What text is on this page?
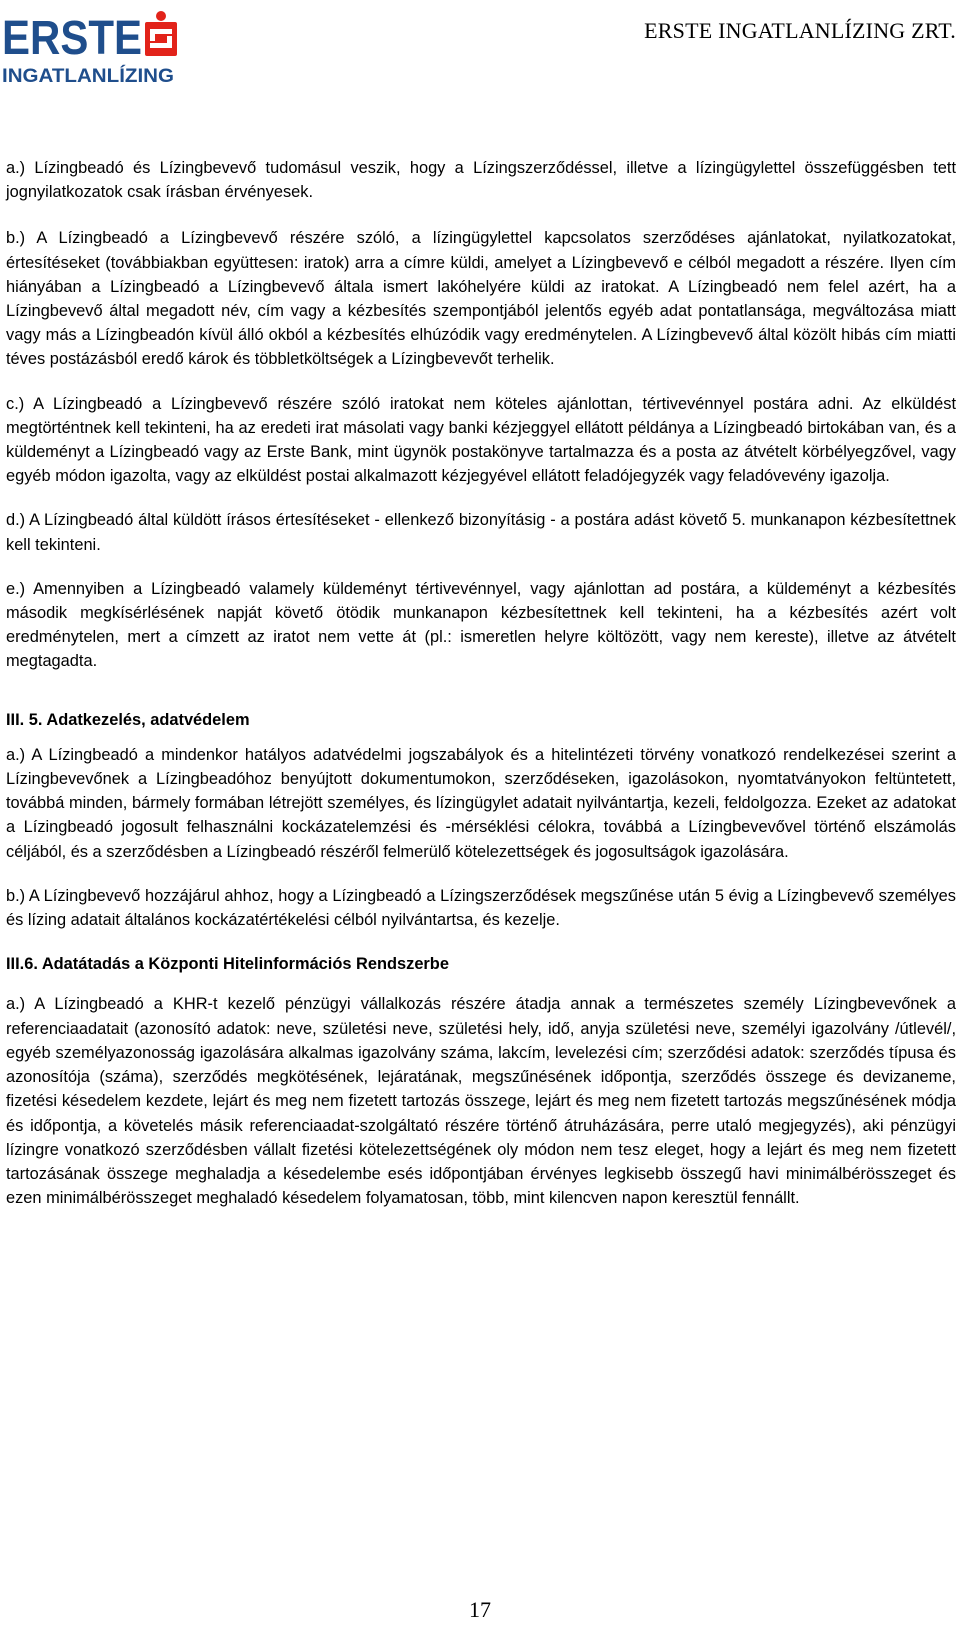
ERSTE
INGATLANLÍZING
ERSTE INGATLANLÍZING ZRT.

a.) Lízingbeadó és Lízingbevevő tudomásul veszik, hogy a Lízingszerződéssel, illetve a lízingügylettel összefüggésben tett jognyilatkozatok csak írásban érvényesek.

b.) A Lízingbeadó a Lízingbevevő részére szóló, a lízingügylettel kapcsolatos szerződéses ajánlatokat, nyilatkozatokat, értesítéseket (továbbiakban együttesen: iratok) arra a címre küldi, amelyet a Lízingbevevő e célból megadott a részére. Ilyen cím hiányában a Lízingbeadó a Lízingbevevő általa ismert lakóhelyére küldi az iratokat. A Lízingbeadó nem felel azért, ha a Lízingbevevő által megadott név, cím vagy a kézbesítés szempontjából jelentős egyéb adat pontatlansága, megváltozása miatt vagy más a Lízingbeadón kívül álló okból a kézbesítés elhúzódik vagy eredménytelen. A Lízingbevevő által közölt hibás cím miatti téves postázásból eredő károk és többletköltségek a Lízingbevevőt terhelik.

c.) A Lízingbeadó a Lízingbevevő részére szóló iratokat nem köteles ajánlottan, tértivevénnyel postára adni. Az elküldést megtörténtnek kell tekinteni, ha az eredeti irat másolati vagy banki kézjeggyel ellátott példánya a Lízingbeadó birtokában van, és a küldeményt a Lízingbeadó vagy az Erste Bank, mint ügynök postakönyve tartalmazza és a posta az átvételt körbélyegzővel, vagy egyéb módon igazolta, vagy az elküldést postai alkalmazott kézjegyével ellátott feladójegyzék vagy feladóvevény igazolja.

d.) A Lízingbeadó által küldött írásos értesítéseket - ellenkező bizonyításig - a postára adást követő 5. munkanapon kézbesítettnek kell tekinteni.

e.) Amennyiben a Lízingbeadó valamely küldeményt tértivevénnyel, vagy ajánlottan ad postára, a küldeményt a kézbesítés második megkísérlésének napját követő ötödik munkanapon kézbesítettnek kell tekinteni, ha a kézbesítés azért volt eredménytelen, mert a címzett az iratot nem vette át (pl.: ismeretlen helyre költözött, vagy nem kereste), illetve az átvételt megtagadta.

III. 5. Adatkezelés, adatvédelem

a.) A Lízingbeadó a mindenkor hatályos adatvédelmi jogszabályok és a hitelintézeti törvény vonatkozó rendelkezései szerint a Lízingbevevőnek a Lízingbeadóhoz benyújtott dokumentumokon, szerződéseken, igazolásokon, nyomtatványokon feltüntetett, továbbá minden, bármely formában létrejött személyes, és lízingügylet adatait nyilvántartja, kezeli, feldolgozza. Ezeket az adatokat a Lízingbeadó jogosult felhasználni kockázatelemzési és -mérséklési célokra, továbbá a Lízingbevevővel történő elszámolás céljából, és a szerződésben a Lízingbeadó részéről felmerülő kötelezettségek és jogosultságok igazolására.

b.) A Lízingbevevő hozzájárul ahhoz, hogy a Lízingbeadó a Lízingszerződések megszűnése után 5 évig a Lízingbevevő személyes és lízing adatait általános kockázatértékelési célból nyilvántartsa, és kezelje.

III.6. Adatátadás a Központi Hitelinformációs Rendszerbe

a.) A Lízingbeadó a KHR-t kezelő pénzügyi vállalkozás részére átadja annak a természetes személy Lízingbevevőnek a referenciaadatait (azonosító adatok: neve, születési neve, születési hely, idő, anyja születési neve, személyi igazolvány /útlevél/, egyéb személyazonosság igazolására alkalmas igazolvány száma, lakcím, levelezési cím; szerződési adatok: szerződés típusa és azonosítója (száma), szerződés megkötésének, lejáratának, megszűnésének időpontja, szerződés összege és devizaneme, fizetési késedelem kezdete, lejárt és meg nem fizetett tartozás összege, lejárt és meg nem fizetett tartozás megszűnésének módja és időpontja, a követelés másik referenciaadat-szolgáltató részére történő átruházására, perre utaló megjegyzés), aki pénzügyi lízingre vonatkozó szerződésben vállalt fizetési kötelezettségének oly módon nem tesz eleget, hogy a lejárt és meg nem fizetett tartozásának összege meghaladja a késedelembe esés időpontjában érvényes legkisebb összegű havi minimálbérösszeget és ezen minimálbérösszeget meghaladó késedelem folyamatosan, több, mint kilencven napon keresztül fennállt.

17
